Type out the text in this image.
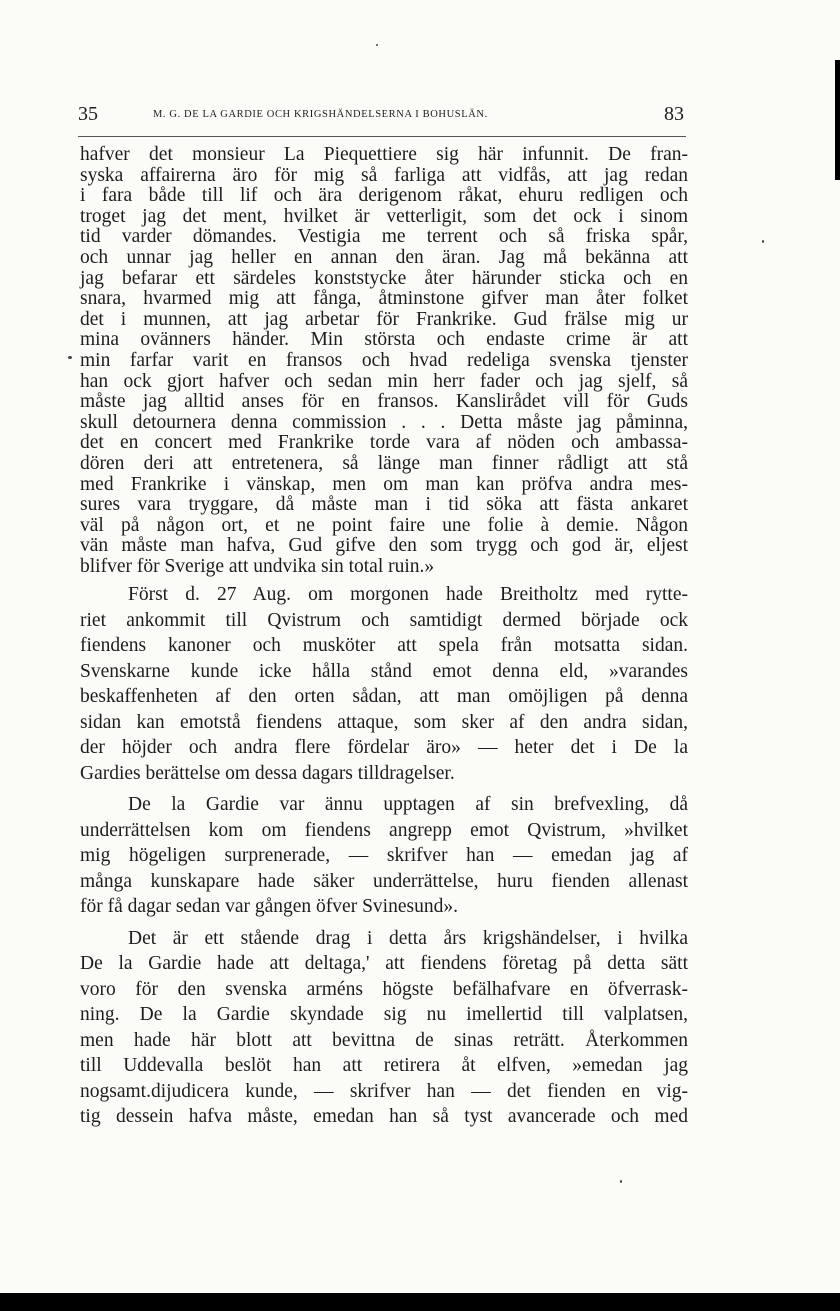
35	M. G. DE LA GARDIE OCH KRIGSHÄNDELSERNA I BOHUSLÄN.	83
hafver det monsieur La Piequettiere sig här infunnit. De fran-
syska affairerna äro för mig så farliga att vidfås, att jag redan
i fara både till lif och ära derigenom råkat, ehuru redligen och
troget jag det ment, hvilket är vetterligit, som det ock i sinom
tid varder dömandes. Vestigia me terrent och så friska spår,
och unnar jag heller en annan den äran. Jag må bekänna att
jag befarar ett särdeles konststycke åter härunder sticka och en
snara, hvarmed mig att fånga, åtminstone gifver man åter folket
det i munnen, att jag arbetar för Frankrike. Gud frälse mig ur
mina ovänners händer. Min största och endaste crime är att
min farfar varit en fransos och hvad redeliga svenska tjenster
han ock gjort hafver och sedan min herr fader och jag sjelf, så
måste jag alltid anses för en fransos. Kanslirådet vill för Guds
skull detournera denna commission . . . Detta måste jag påminna,
det en concert med Frankrike torde vara af nöden och ambassa-
dören deri att entretenera, så länge man finner rådligt att stå
med Frankrike i vänskap, men om man kan pröfva andra mes-
sures vara tryggare, då måste man i tid söka att fästa ankaret
väl på någon ort, et ne point faire une folie à demie. Någon
vän måste man hafva, Gud gifve den som trygg och god är, eljest
blifver för Sverige att undvika sin total ruin.»
Först d. 27 Aug. om morgonen hade Breitholtz med rytte-
riet ankommit till Qvistrum och samtidigt dermed började ock
fiendens kanoner och musköter att spela från motsatta sidan.
Svenskarne kunde icke hålla stånd emot denna eld, »varandes
beskaffenheten af den orten sådan, att man omöjligen på denna
sidan kan emotstå fiendens attaque, som sker af den andra sidan,
der höjder och andra flere fördelar äro» — heter det i De la
Gardies berättelse om dessa dagars tilldragelser.
De la Gardie var ännu upptagen af sin brefvexling, då
underrättelsen kom om fiendens angrepp emot Qvistrum, »hvilket
mig högeligen surprenerade, — skrifver han — emedan jag af
många kunskapare hade säker underrättelse, huru fienden allenast
för få dagar sedan var gången öfver Svinesund».
Det är ett stående drag i detta års krigshändelser, i hvilka
De la Gardie hade att deltaga,' att fiendens företag på detta sätt
voro för den svenska arméns högste befälhafvare en öfverrask-
ning. De la Gardie skyndade sig nu imellertid till valplatsen,
men hade här blott att bevittna de sinas reträtt. Återkommen
till Uddevalla beslöt han att retirera åt elfven, »emedan jag
nogsamt.dijudicera kunde, — skrifver han — det fienden en vig-
tig dessein hafva måste, emedan han så tyst avancerade och med
